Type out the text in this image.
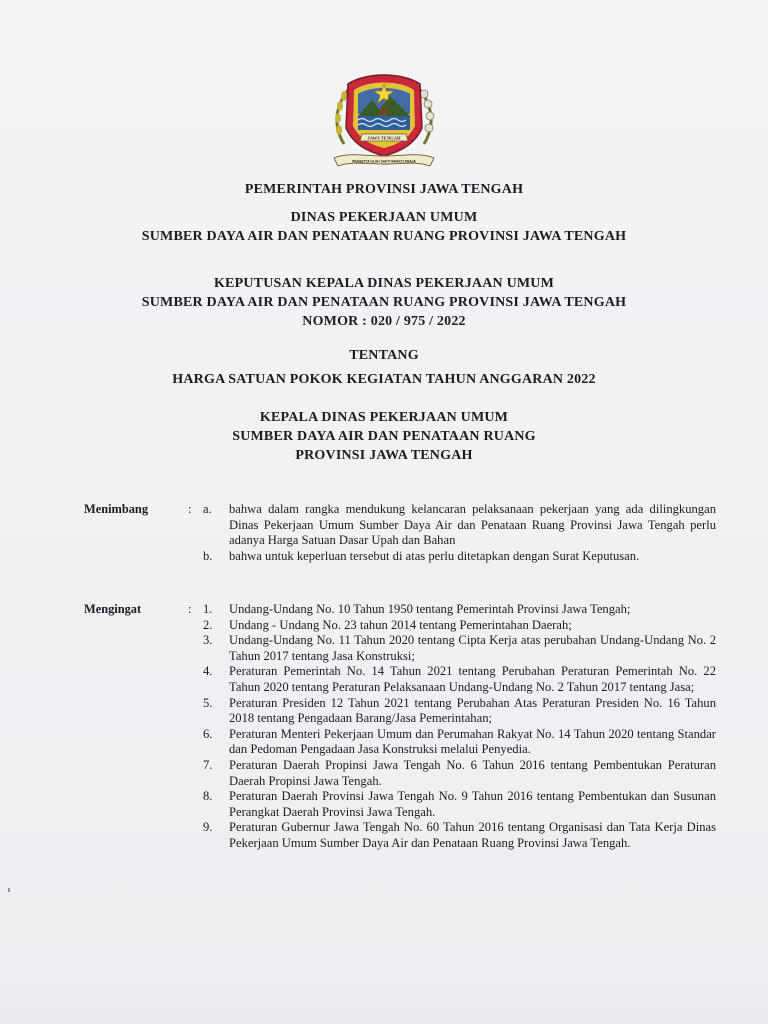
JAWA TENGAH
PRASETYA ULAH SAKTI BHAKTI PRAJA
PEMERINTAH PROVINSI JAWA TENGAH
DINAS PEKERJAAN UMUM
SUMBER DAYA AIR DAN PENATAAN RUANG PROVINSI JAWA TENGAH
KEPUTUSAN KEPALA DINAS PEKERJAAN UMUM
SUMBER DAYA AIR DAN PENATAAN RUANG PROVINSI JAWA TENGAH
NOMOR : 020 / 975 / 2022
TENTANG
HARGA SATUAN POKOK KEGIATAN TAHUN ANGGARAN 2022
KEPALA DINAS PEKERJAAN UMUM
SUMBER DAYA AIR DAN PENATAAN RUANG
PROVINSI JAWA TENGAH
Menimbang	: a.	bahwa dalam rangka mendukung kelancaran pelaksanaan pekerjaan yang ada dilingkungan Dinas Pekerjaan Umum Sumber Daya Air dan Penataan Ruang Provinsi Jawa Tengah perlu adanya Harga Satuan Dasar Upah dan Bahan
b.	bahwa untuk keperluan tersebut di atas perlu ditetapkan dengan Surat Keputusan.
Mengingat	: 1.	Undang-Undang No. 10 Tahun 1950 tentang Pemerintah Provinsi Jawa Tengah;
2.	Undang - Undang No. 23 tahun 2014 tentang Pemerintahan Daerah;
3.	Undang-Undang No. 11 Tahun 2020 tentang Cipta Kerja atas perubahan Undang-Undang No. 2 Tahun 2017 tentang Jasa Konstruksi;
4.	Peraturan Pemerintah No. 14 Tahun 2021 tentang Perubahan Peraturan Pemerintah No. 22 Tahun 2020 tentang Peraturan Pelaksanaan Undang-Undang No. 2 Tahun 2017 tentang Jasa;
5.	Peraturan Presiden 12 Tahun 2021 tentang Perubahan Atas Peraturan Presiden No. 16 Tahun 2018 tentang Pengadaan Barang/Jasa Pemerintahan;
6.	Peraturan Menteri Pekerjaan Umum dan Perumahan Rakyat No. 14 Tahun 2020 tentang Standar dan Pedoman Pengadaan Jasa Konstruksi melalui Penyedia.
7.	Peraturan Daerah Propinsi Jawa Tengah No. 6 Tahun 2016 tentang Pembentukan Peraturan Daerah Propinsi Jawa Tengah.
8.	Peraturan Daerah Provinsi Jawa Tengah No. 9 Tahun 2016 tentang Pembentukan dan Susunan Perangkat Daerah Provinsi Jawa Tengah.
9.	Peraturan Gubernur Jawa Tengah No. 60 Tahun 2016 tentang Organisasi dan Tata Kerja Dinas Pekerjaan Umum Sumber Daya Air dan Penataan Ruang Provinsi Jawa Tengah.
